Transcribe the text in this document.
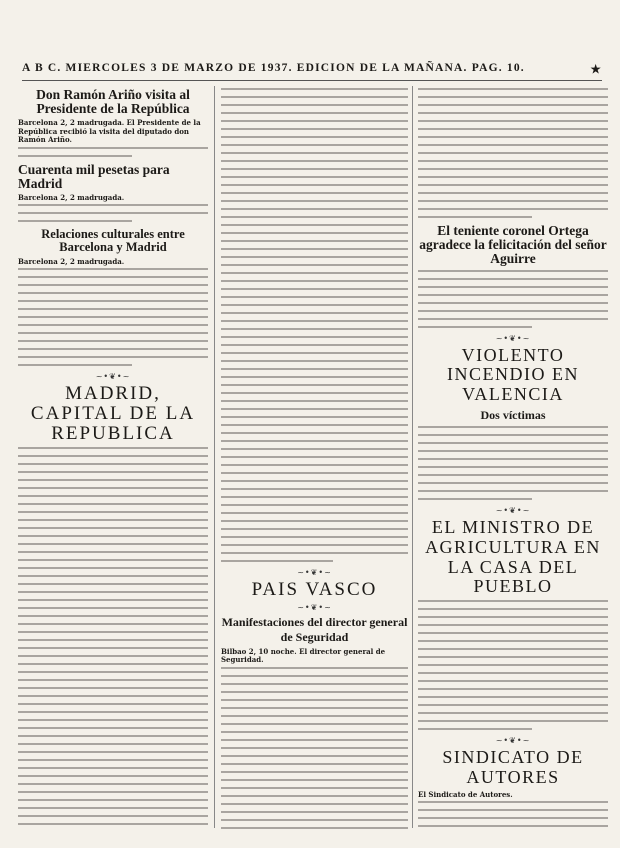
A B C. MIERCOLES 3 DE MARZO DE 1937. EDICION DE LA MAÑANA. PAG. 10.	★
Don Ramón Ariño visita al Presidente de la República
Barcelona 2, 2 madrugada. El Presidente de la República recibió la visita del diputado don Ramón Ariño.
Cuarenta mil pesetas para Madrid
Barcelona 2, 2 madrugada.
Relaciones culturales entre Barcelona y Madrid
Barcelona 2, 2 madrugada.
~•❦•~
MADRID, CAPITAL DE LA REPUBLICA
~•❦•~
PAIS VASCO
~•❦•~
Manifestaciones del director general de Seguridad
Bilbao 2, 10 noche. El director general de Seguridad.
El teniente coronel Ortega agradece la felicitación del señor Aguirre
~•❦•~
VIOLENTO INCENDIO EN VALENCIA
Dos víctimas
~•❦•~
EL MINISTRO DE AGRICULTURA EN LA CASA DEL PUEBLO
~•❦•~
SINDICATO DE AUTORES
El Sindicato de Autores.
